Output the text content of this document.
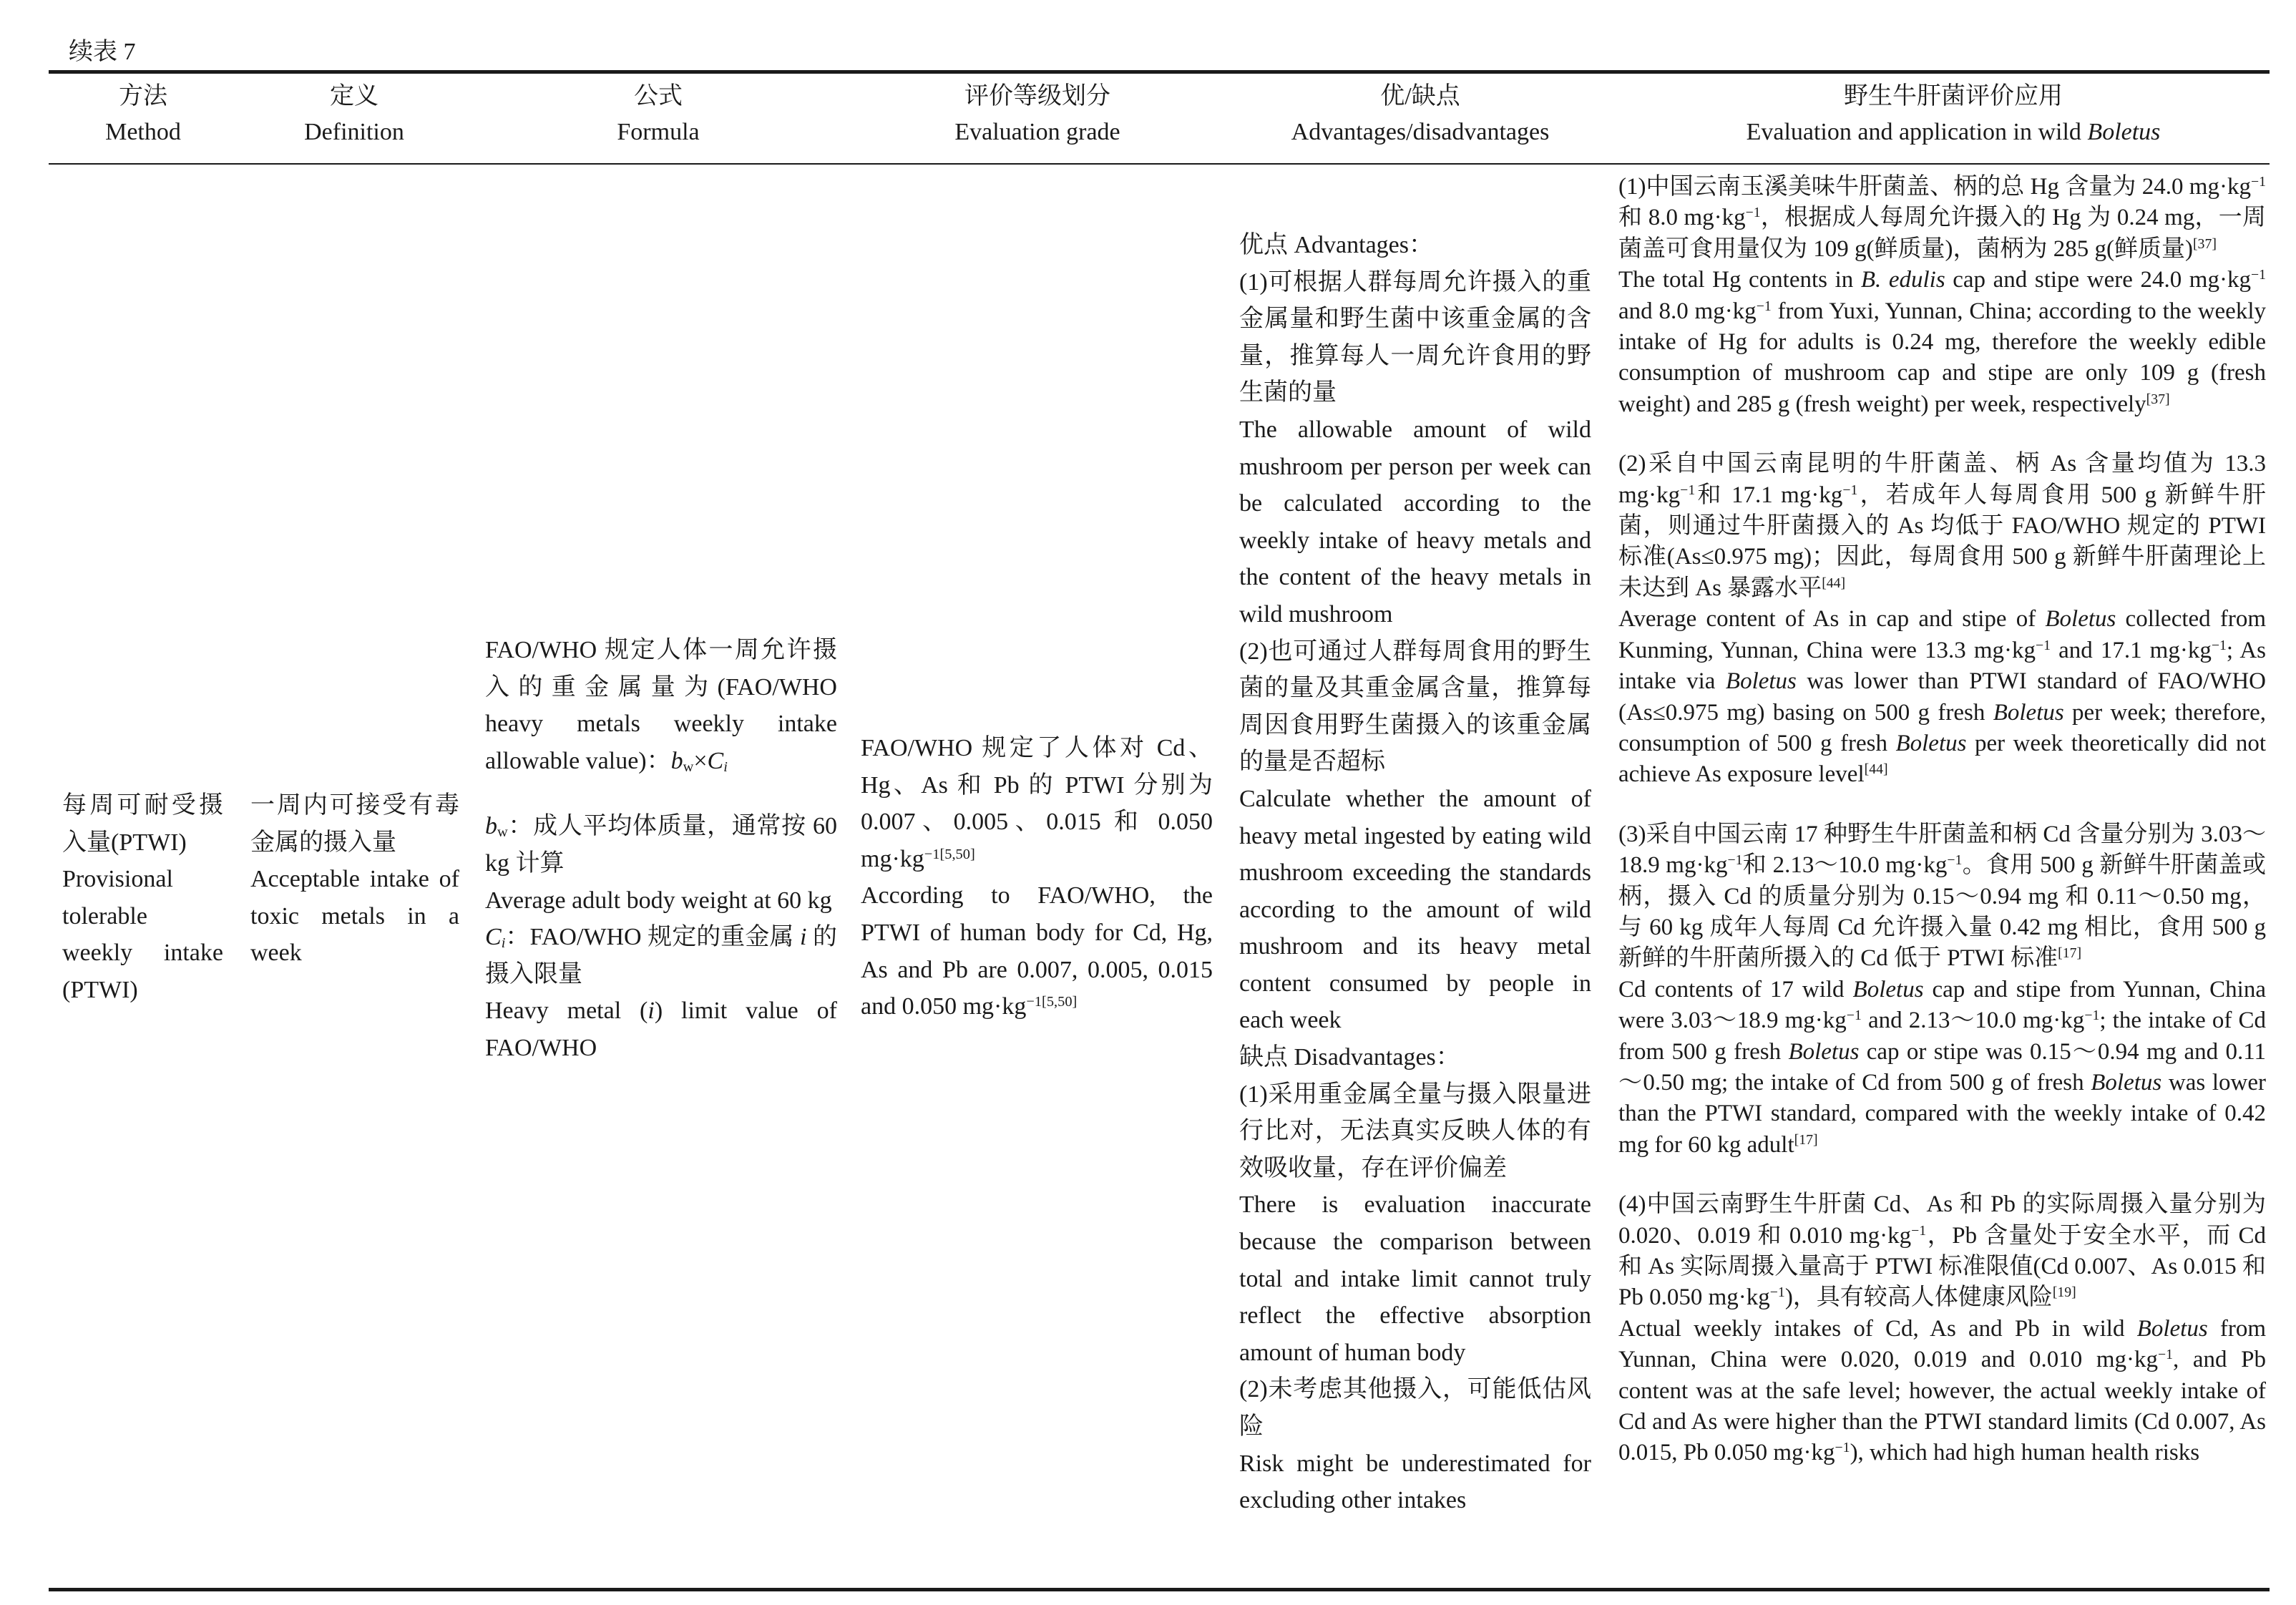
续表 7
方法
Method
定义
Definition
公式
Formula
评价等级划分
Evaluation grade
优/缺点
Advantages/disadvantages
野生牛肝菌评价应用
Evaluation and application in wild Boletus

每周可耐受摄入量(PTWI)

Provisional tolerable weekly intake (PTWI)

一周内可接受有毒金属的摄入量

Acceptable intake of toxic metals in a week

FAO/WHO 规定人体一周允许摄入的重金属量为(FAO/WHO heavy metals weekly intake allowable value)：$b_w\times C_i$

$b_w$：成人平均体质量，通常按 60 kg 计算

Average adult body weight at 60 kg

$C_i$：FAO/WHO 规定的重金属 i 的摄入限量

Heavy metal (i) limit value of FAO/WHO

FAO/WHO 规定了人体对 Cd、Hg、As 和 Pb 的 PTWI 分别为 0.007、0.005、0.015 和 0.050 $mg\cdot kg^{-1[5,50]}$

According to FAO/WHO, the PTWI of human body for Cd, Hg, As and Pb are 0.007, 0.005, 0.015 and 0.050 $mg\cdot kg^{-1[5,50]}$

优点 Advantages：

(1)可根据人群每周允许摄入的重金属量和野生菌中该重金属的含量，推算每人一周允许食用的野生菌的量

The allowable amount of wild mushroom per person per week can be calculated according to the weekly intake of heavy metals and the content of the heavy metals in wild mushroom

(2)也可通过人群每周食用的野生菌的量及其重金属含量，推算每周因食用野生菌摄入的该重金属的量是否超标

Calculate whether the amount of heavy metal ingested by eating wild mushroom exceeding the standards according to the amount of wild mushroom and its heavy metal content consumed by people in each week

缺点 Disadvantages：

(1)采用重金属全量与摄入限量进行比对，无法真实反映人体的有效吸收量，存在评价偏差

There is evaluation inaccurate because the comparison between total and intake limit cannot truly reflect the effective absorption amount of human body

(2)未考虑其他摄入，可能低估风险

Risk might be underestimated for excluding other intakes

(1)中国云南玉溪美味牛肝菌盖、柄的总 Hg 含量为 24.0 $mg\cdot kg^{-1}$和 8.0 $mg\cdot kg^{-1}$，根据成人每周允许摄入的 Hg 为 0.24 mg，一周菌盖可食用量仅为 109 g(鲜质量)，菌柄为 285 g(鲜质量)[37]

The total Hg contents in B. edulis cap and stipe were 24.0 $mg\cdot kg^{-1}$ and 8.0 $mg\cdot kg^{-1}$ from Yuxi, Yunnan, China; according to the weekly intake of Hg for adults is 0.24 mg, therefore the weekly edible consumption of mushroom cap and stipe are only 109 g (fresh weight) and 285 g (fresh weight) per week, respectively[37]

(2)采自中国云南昆明的牛肝菌盖、柄 As 含量均值为 13.3 $mg\cdot kg^{-1}$和 17.1 $mg\cdot kg^{-1}$，若成年人每周食用 500 g 新鲜牛肝菌，则通过牛肝菌摄入的 As 均低于 FAO/WHO 规定的 PTWI 标准(As≤0.975 mg)；因此，每周食用 500 g 新鲜牛肝菌理论上未达到 As 暴露水平[44]

Average content of As in cap and stipe of Boletus collected from Kunming, Yunnan, China were 13.3 $mg\cdot kg^{-1}$ and 17.1 $mg\cdot kg^{-1}$; As intake via Boletus was lower than PTWI standard of FAO/WHO (As≤0.975 mg) basing on 500 g fresh Boletus per week; therefore, consumption of 500 g fresh Boletus per week theoretically did not achieve As exposure level[44]

(3)采自中国云南 17 种野生牛肝菌盖和柄 Cd 含量分别为 3.03～18.9 $mg\cdot kg^{-1}$和 2.13～10.0 $mg\cdot kg^{-1}$。食用 500 g 新鲜牛肝菌盖或柄，摄入 Cd 的质量分别为 0.15～0.94 mg 和 0.11～0.50 mg，与 60 kg 成年人每周 Cd 允许摄入量 0.42 mg 相比，食用 500 g 新鲜的牛肝菌所摄入的 Cd 低于 PTWI 标准[17]

Cd contents of 17 wild Boletus cap and stipe from Yunnan, China were 3.03～18.9 $mg\cdot kg^{-1}$ and 2.13～10.0 $mg\cdot kg^{-1}$; the intake of Cd from 500 g fresh Boletus cap or stipe was 0.15～0.94 mg and 0.11～0.50 mg; the intake of Cd from 500 g of fresh Boletus was lower than the PTWI standard, compared with the weekly intake of 0.42 mg for 60 kg adult[17]

(4)中国云南野生牛肝菌 Cd、As 和 Pb 的实际周摄入量分别为 0.020、0.019 和 0.010 $mg\cdot kg^{-1}$，Pb 含量处于安全水平，而 Cd 和 As 实际周摄入量高于 PTWI 标准限值(Cd 0.007、As 0.015 和 Pb 0.050 $mg\cdot kg^{-1}$)，具有较高人体健康风险[19]

Actual weekly intakes of Cd, As and Pb in wild Boletus from Yunnan, China were 0.020, 0.019 and 0.010 $mg\cdot kg^{-1}$, and Pb content was at the safe level; however, the actual weekly intake of Cd and As were higher than the PTWI standard limits (Cd 0.007, As 0.015, Pb 0.050 $mg\cdot kg^{-1}$), which had high human health risks
